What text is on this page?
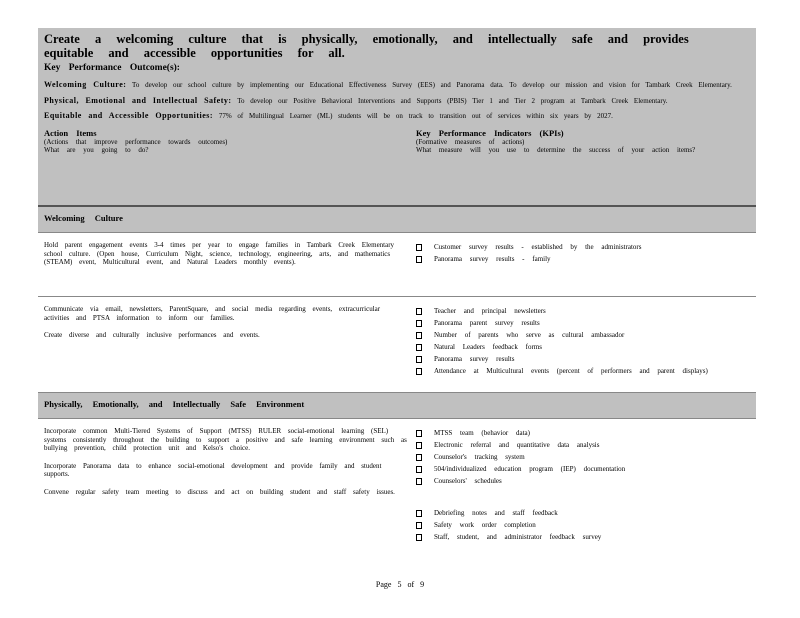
Create a welcoming culture that is physically, emotionally, and intellectually safe and provides equitable and accessible opportunities for all.
Key Performance Outcome(s):
Welcoming Culture: To develop our school culture by implementing our Educational Effectiveness Survey (EES) and Panorama data. To develop our mission and vision for Tambark Creek Elementary.
Physical, Emotional and Intellectual Safety: To develop our Positive Behavioral Interventions and Supports (PBIS) Tier 1 and Tier 2 program at Tambark Creek Elementary.
Equitable and Accessible Opportunities: 77% of Multilingual Learner (ML) students will be on track to transition out of services within six years by 2027.
Action Items
(Actions that improve performance towards outcomes)
What are you going to do?
Key Performance Indicators (KPIs)
(Formative measures of actions)
What measure will you use to determine the success of your action items?
Welcoming Culture
Hold parent engagement events 3-4 times per year to engage families in Tambark Creek Elementary school culture. (Open house, Curriculum Night, science, technology, engineering, arts, and mathematics (STEAM) event, Multicultural event, and Natural Leaders monthly events).
Customer survey results - established by the administrators
Panorama survey results - family
Communicate via email, newsletters, ParentSquare, and social media regarding events, extracurricular activities and PTSA information to inform our families.
Create diverse and culturally inclusive performances and events.
Teacher and principal newsletters
Panorama parent survey results
Number of parents who serve as cultural ambassador
Natural Leaders feedback forms
Panorama survey results
Attendance at Multicultural events (percent of performers and parent displays)
Physically, Emotionally, and Intellectually Safe Environment
Incorporate common Multi-Tiered Systems of Support (MTSS) RULER social-emotional learning (SEL) systems consistently throughout the building to support a positive and safe learning environment such as bullying prevention, child protection unit and Kelso's choice.
Incorporate Panorama data to enhance social-emotional development and provide family and student supports.
Convene regular safety team meeting to discuss and act on building student and staff safety issues.
MTSS team (behavior data)
Electronic referral and quantitative data analysis
Counselor's tracking system
504/individualized education program (IEP) documentation
Counselors' schedules
Debriefing notes and staff feedback
Safety work order completion
Staff, student, and administrator feedback survey
Page 5 of 9
